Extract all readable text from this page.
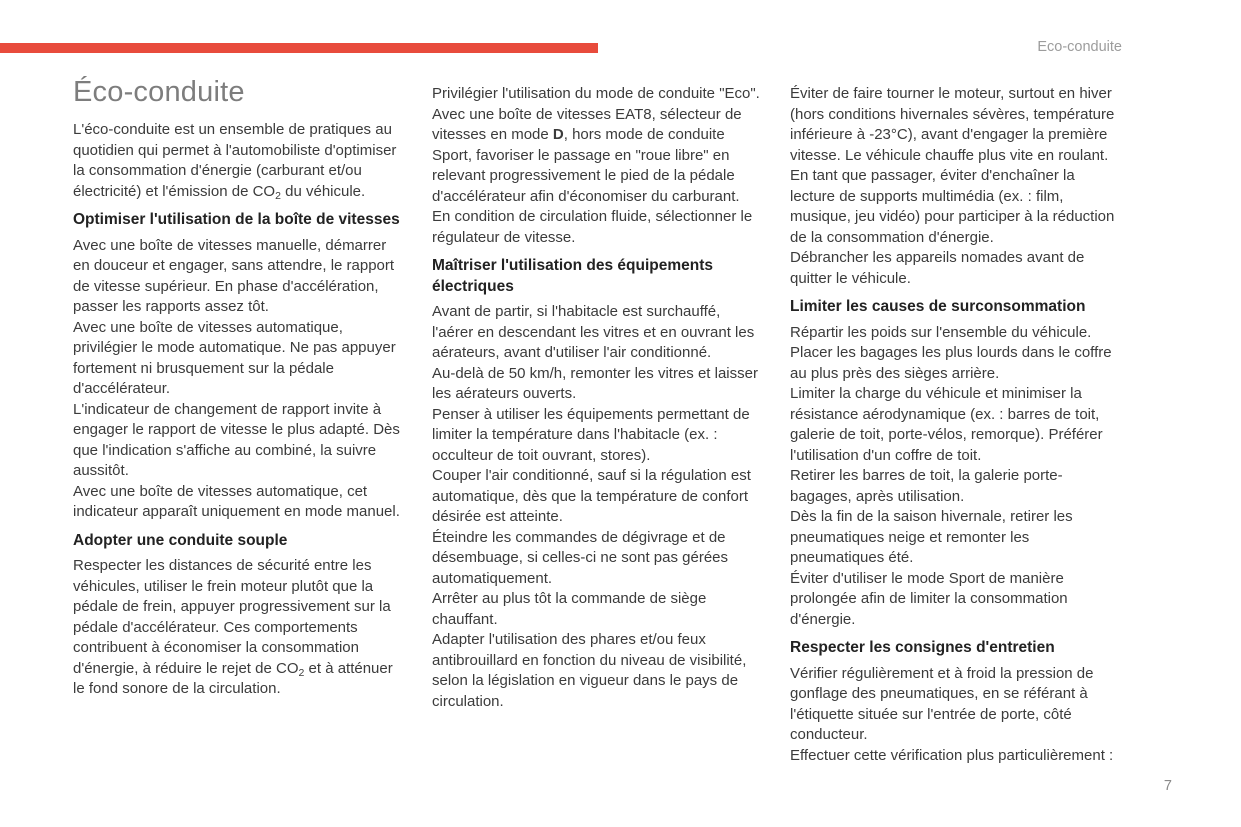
Eco-conduite
Éco-conduite

L'éco-conduite est un ensemble de pratiques au quotidien qui permet à l'automobiliste d'optimiser la consommation d'énergie (carburant et/ou électricité) et l'émission de $CO_2$ du véhicule.

Optimiser l'utilisation de la boîte de vitesses

Avec une boîte de vitesses manuelle, démarrer en douceur et engager, sans attendre, le rapport de vitesse supérieur. En phase d'accélération, passer les rapports assez tôt.

Avec une boîte de vitesses automatique, privilégier le mode automatique. Ne pas appuyer fortement ni brusquement sur la pédale d'accélérateur.

L'indicateur de changement de rapport invite à engager le rapport de vitesse le plus adapté. Dès que l'indication s'affiche au combiné, la suivre aussitôt.

Avec une boîte de vitesses automatique, cet indicateur apparaît uniquement en mode manuel.

Adopter une conduite souple

Respecter les distances de sécurité entre les véhicules, utiliser le frein moteur plutôt que la pédale de frein, appuyer progressivement sur la pédale d'accélérateur. Ces comportements contribuent à économiser la consommation d'énergie, à réduire le rejet de $CO_2$ et à atténuer le fond sonore de la circulation.

Privilégier l'utilisation du mode de conduite "Eco".

Avec une boîte de vitesses EAT8, sélecteur de vitesses en mode D, hors mode de conduite Sport, favoriser le passage en "roue libre" en relevant progressivement le pied de la pédale d'accélérateur afin d'économiser du carburant.

En condition de circulation fluide, sélectionner le régulateur de vitesse.

Maîtriser l'utilisation des équipements électriques

Avant de partir, si l'habitacle est surchauffé, l'aérer en descendant les vitres et en ouvrant les aérateurs, avant d'utiliser l'air conditionné.

Au-delà de 50 km/h, remonter les vitres et laisser les aérateurs ouverts.

Penser à utiliser les équipements permettant de limiter la température dans l'habitacle (ex. : occulteur de toit ouvrant, stores).

Couper l'air conditionné, sauf si la régulation est automatique, dès que la température de confort désirée est atteinte.

Éteindre les commandes de dégivrage et de désembuage, si celles-ci ne sont pas gérées automatiquement.

Arrêter au plus tôt la commande de siège chauffant.

Adapter l'utilisation des phares et/ou feux antibrouillard en fonction du niveau de visibilité, selon la législation en vigueur dans le pays de circulation.

Éviter de faire tourner le moteur, surtout en hiver (hors conditions hivernales sévères, température inférieure à -23°C), avant d'engager la première vitesse. Le véhicule chauffe plus vite en roulant.

En tant que passager, éviter d'enchaîner la lecture de supports multimédia (ex. : film, musique, jeu vidéo) pour participer à la réduction de la consommation d'énergie.

Débrancher les appareils nomades avant de quitter le véhicule.

Limiter les causes de surconsommation

Répartir les poids sur l'ensemble du véhicule. Placer les bagages les plus lourds dans le coffre au plus près des sièges arrière.

Limiter la charge du véhicule et minimiser la résistance aérodynamique (ex. : barres de toit, galerie de toit, porte-vélos, remorque). Préférer l'utilisation d'un coffre de toit.

Retirer les barres de toit, la galerie porte-bagages, après utilisation.

Dès la fin de la saison hivernale, retirer les pneumatiques neige et remonter les pneumatiques été.

Éviter d'utiliser le mode Sport de manière prolongée afin de limiter la consommation d'énergie.

Respecter les consignes d'entretien

Vérifier régulièrement et à froid la pression de gonflage des pneumatiques, en se référant à l'étiquette située sur l'entrée de porte, côté conducteur.

Effectuer cette vérification plus particulièrement :

7
